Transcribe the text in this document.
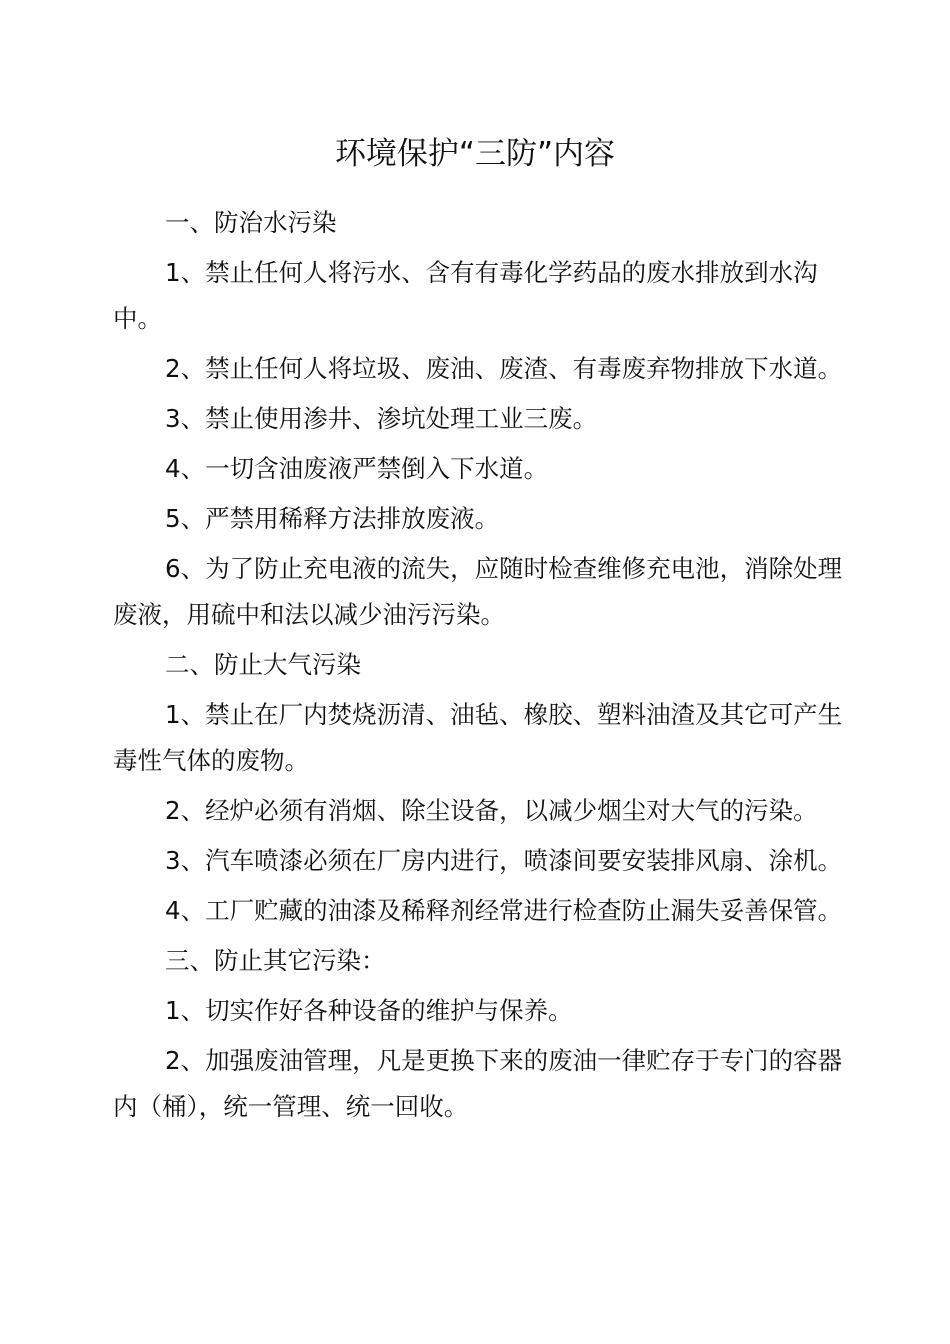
环境保护“三防”内容

一、防治水污染

1、禁止任何人将污水、含有有毒化学药品的废水排放到水沟中。

2、禁止任何人将垃圾、废油、废渣、有毒废弃物排放下水道。

3、禁止使用渗井、渗坑处理工业三废。

4、一切含油废液严禁倒入下水道。

5、严禁用稀释方法排放废液。

6、为了防止充电液的流失，应随时检查维修充电池，消除处理废液，用硫中和法以减少油污污染。

二、防止大气污染

1、禁止在厂内焚烧沥清、油毡、橡胶、塑料油渣及其它可产生毒性气体的废物。

2、经炉必须有消烟、除尘设备，以减少烟尘对大气的污染。

3、汽车喷漆必须在厂房内进行，喷漆间要安装排风扇、涂机。

4、工厂贮藏的油漆及稀释剂经常进行检查防止漏失妥善保管。

三、防止其它污染：

1、切实作好各种设备的维护与保养。

2、加强废油管理，凡是更换下来的废油一律贮存于专门的容器内（桶），统一管理、统一回收。
